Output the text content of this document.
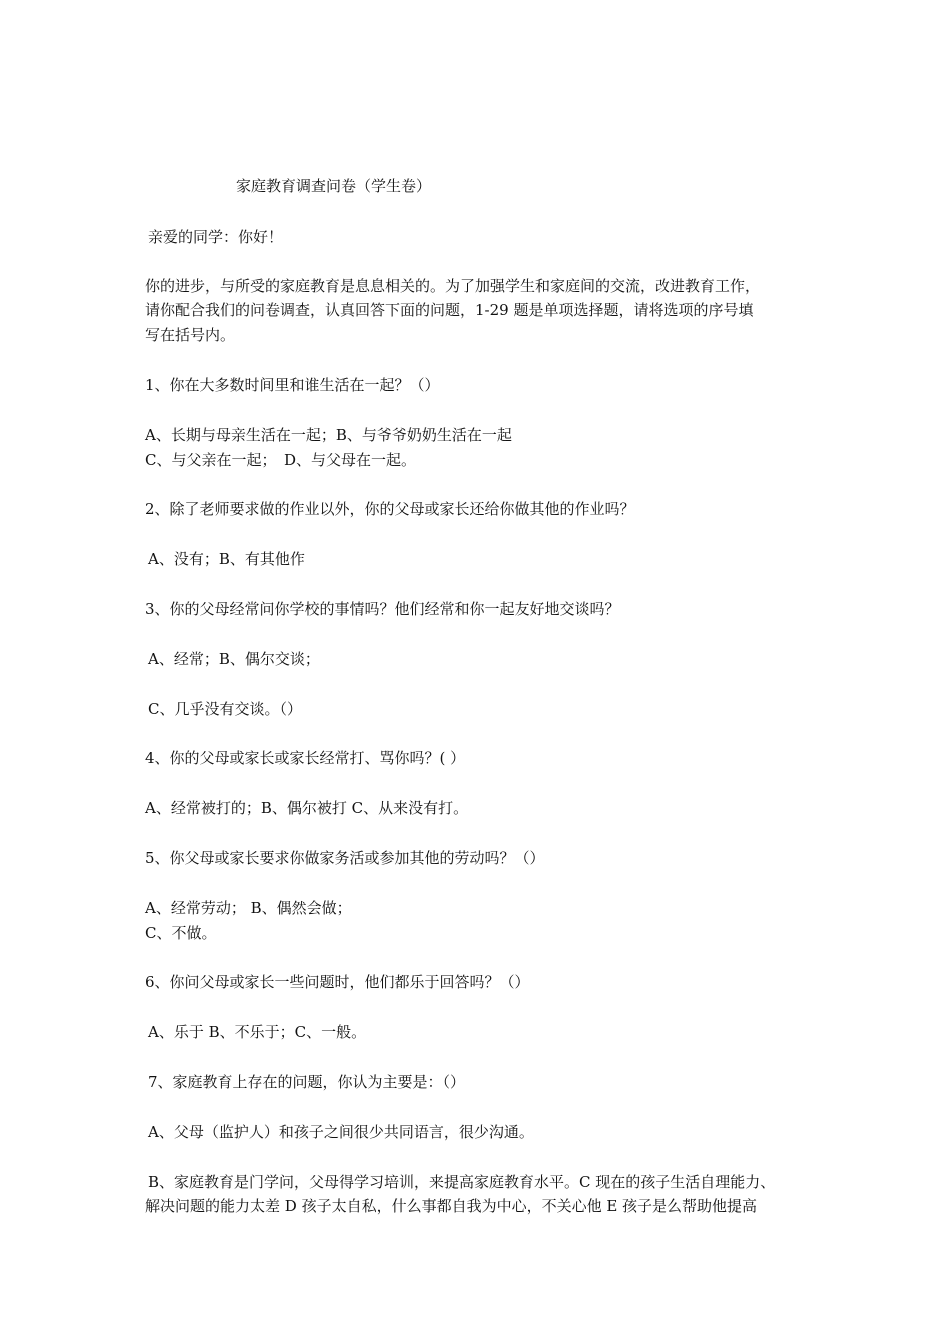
家庭教育调查问卷（学生卷）
亲爱的同学：你好！
你的进步，与所受的家庭教育是息息相关的。为了加强学生和家庭间的交流，改进教育工作，
请你配合我们的问卷调查，认真回答下面的问题，1-29 题是单项选择题，请将选项的序号填
写在括号内。
1、你在大多数时间里和谁生活在一起？（）
A、长期与母亲生活在一起；B、与爷爷奶奶生活在一起
C、与父亲在一起；　D、与父母在一起。
2、除了老师要求做的作业以外，你的父母或家长还给你做其他的作业吗？
A、没有；B、有其他作
3、你的父母经常问你学校的事情吗？他们经常和你一起友好地交谈吗？
A、经常；B、偶尔交谈；
C、几乎没有交谈。（）
4、你的父母或家长或家长经常打、骂你吗？( ）
A、经常被打的；B、偶尔被打 C、从来没有打。
5、你父母或家长要求你做家务活或参加其他的劳动吗？（）
A、经常劳动； B、偶然会做；
C、不做。
6、你问父母或家长一些问题时，他们都乐于回答吗？（）
A、乐于 B、不乐于；C、一般。
7、家庭教育上存在的问题，你认为主要是：（）
A、父母（监护人）和孩子之间很少共同语言，很少沟通。
B、家庭教育是门学问，父母得学习培训，来提高家庭教育水平。C 现在的孩子生活自理能力、
解决问题的能力太差 D 孩子太自私，什么事都自我为中心，不关心他 E 孩子是么帮助他提高
